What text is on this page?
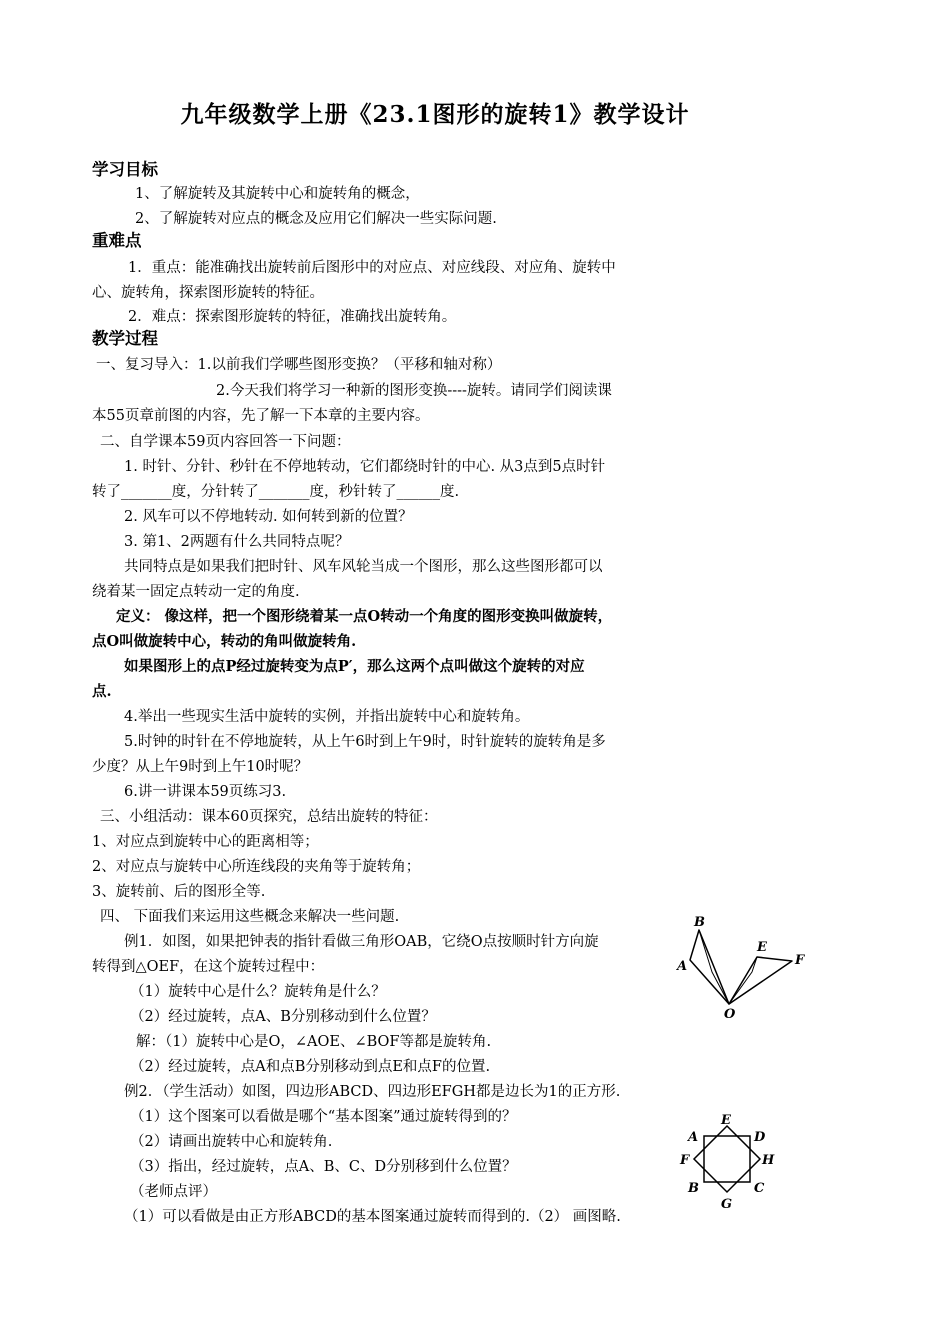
九年级数学上册《23.1图形的旋转1》教学设计
学习目标
1、了解旋转及其旋转中心和旋转角的概念，
2、了解旋转对应点的概念及应用它们解决一些实际问题.
重难点
1．重点：能准确找出旋转前后图形中的对应点、对应线段、对应角、旋转中
心、旋转角，探索图形旋转的特征。
2．难点：探索图形旋转的特征，准确找出旋转角。
教学过程
一、复习导入：1.以前我们学哪些图形变换？（平移和轴对称）
2.今天我们将学习一种新的图形变换----旋转。请同学们阅读课
本55页章前图的内容，先了解一下本章的主要内容。
二、自学课本59页内容回答一下问题：
1. 时针、分针、秒针在不停地转动，它们都绕时针的中心. 从3点到5点时针
转了_______度，分针转了_______度，秒针转了______度.
2. 风车可以不停地转动. 如何转到新的位置？
3. 第1、2两题有什么共同特点呢？
共同特点是如果我们把时针、风车风轮当成一个图形，那么这些图形都可以
绕着某一固定点转动一定的角度.
定义： 像这样，把一个图形绕着某一点O转动一个角度的图形变换叫做旋转，
点O叫做旋转中心，转动的角叫做旋转角.
如果图形上的点P经过旋转变为点P′，那么这两个点叫做这个旋转的对应
点.
4.举出一些现实生活中旋转的实例，并指出旋转中心和旋转角。
5.时钟的时针在不停地旋转，从上午6时到上午9时，时针旋转的旋转角是多
少度？从上午9时到上午10时呢？
6.讲一讲课本59页练习3.
三、小组活动：课本60页探究，总结出旋转的特征：
1、对应点到旋转中心的距离相等；
2、对应点与旋转中心所连线段的夹角等于旋转角；
3、旋转前、后的图形全等.
四、 下面我们来运用这些概念来解决一些问题.
例1．如图，如果把钟表的指针看做三角形OAB，它绕O点按顺时针方向旋
转得到△OEF，在这个旋转过程中：
（1）旋转中心是什么？旋转角是什么？
（2）经过旋转，点A、B分别移动到什么位置？
解：（1）旋转中心是O，∠AOE、∠BOF等都是旋转角.
（2）经过旋转，点A和点B分别移动到点E和点F的位置.
例2．（学生活动）如图，四边形ABCD、四边形EFGH都是边长为1的正方形.
（1）这个图案可以看做是哪个“基本图案”通过旋转得到的？
（2）请画出旋转中心和旋转角.
（3）指出，经过旋转，点A、B、C、D分别移到什么位置？
（老师点评）
（1）可以看做是由正方形ABCD的基本图案通过旋转而得到的.（2） 画图略.
B
A
E
F
O
E
A	D
F	H
B	C
G
